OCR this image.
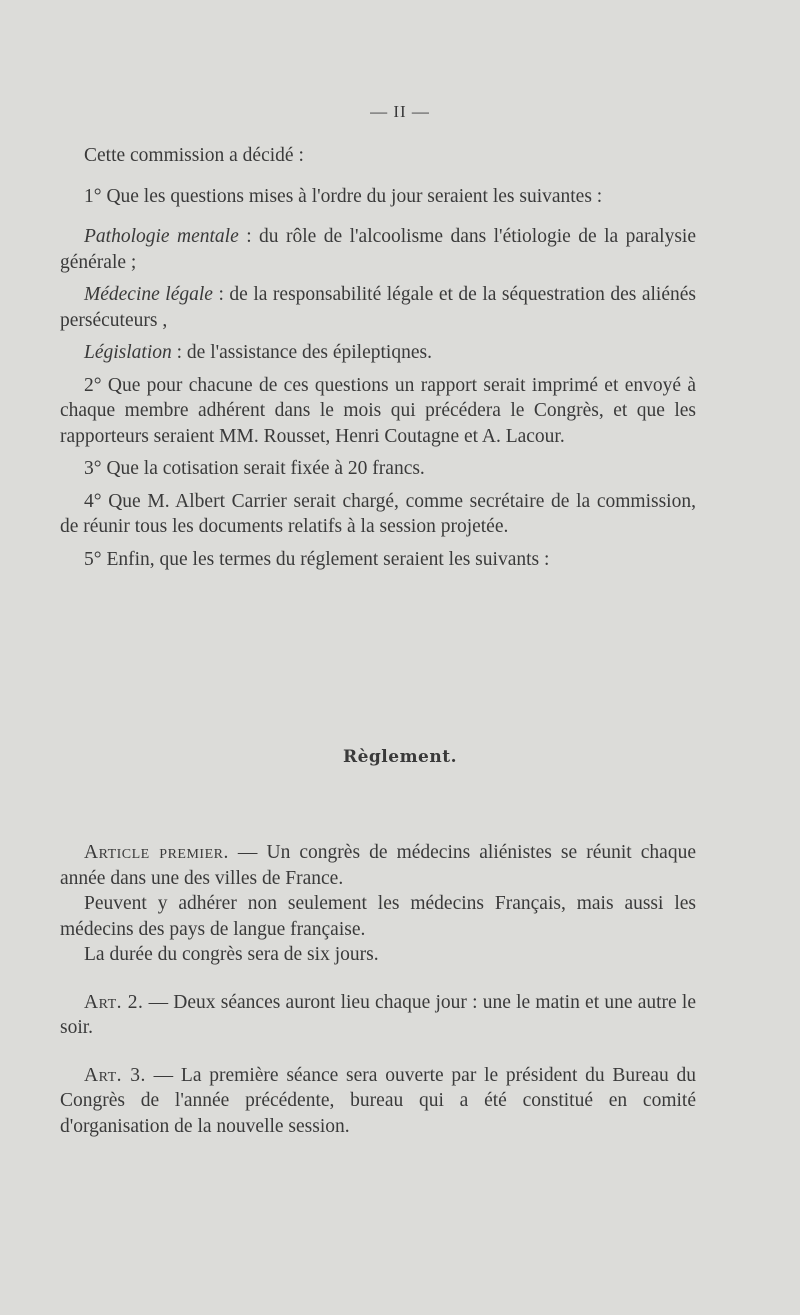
— II —

Cette commission a décidé :

1° Que les questions mises à l'ordre du jour seraient les suivantes :

Pathologie mentale : du rôle de l'alcoolisme dans l'étiologie de la paralysie générale ;

Médecine légale : de la responsabilité légale et de la séquestration des aliénés persécuteurs ,

Législation : de l'assistance des épileptiqnes.

2° Que pour chacune de ces questions un rapport serait imprimé et envoyé à chaque membre adhérent dans le mois qui précédera le Congrès, et que les rapporteurs seraient MM. Rousset, Henri Coutagne et A. Lacour.

3° Que la cotisation serait fixée à 20 francs.

4° Que M. Albert Carrier serait chargé, comme secrétaire de la commission, de réunir tous les documents relatifs à la session projetée.

5° Enfin, que les termes du réglement seraient les suivants :

Règlement.

Article premier. — Un congrès de médecins aliénistes se réunit chaque année dans une des villes de France.

Peuvent y adhérer non seulement les médecins Français, mais aussi les médecins des pays de langue française.

La durée du congrès sera de six jours.

Art. 2. — Deux séances auront lieu chaque jour : une le matin et une autre le soir.

Art. 3. — La première séance sera ouverte par le président du Bureau du Congrès de l'année précédente, bureau qui a été constitué en comité d'organisation de la nouvelle session.
